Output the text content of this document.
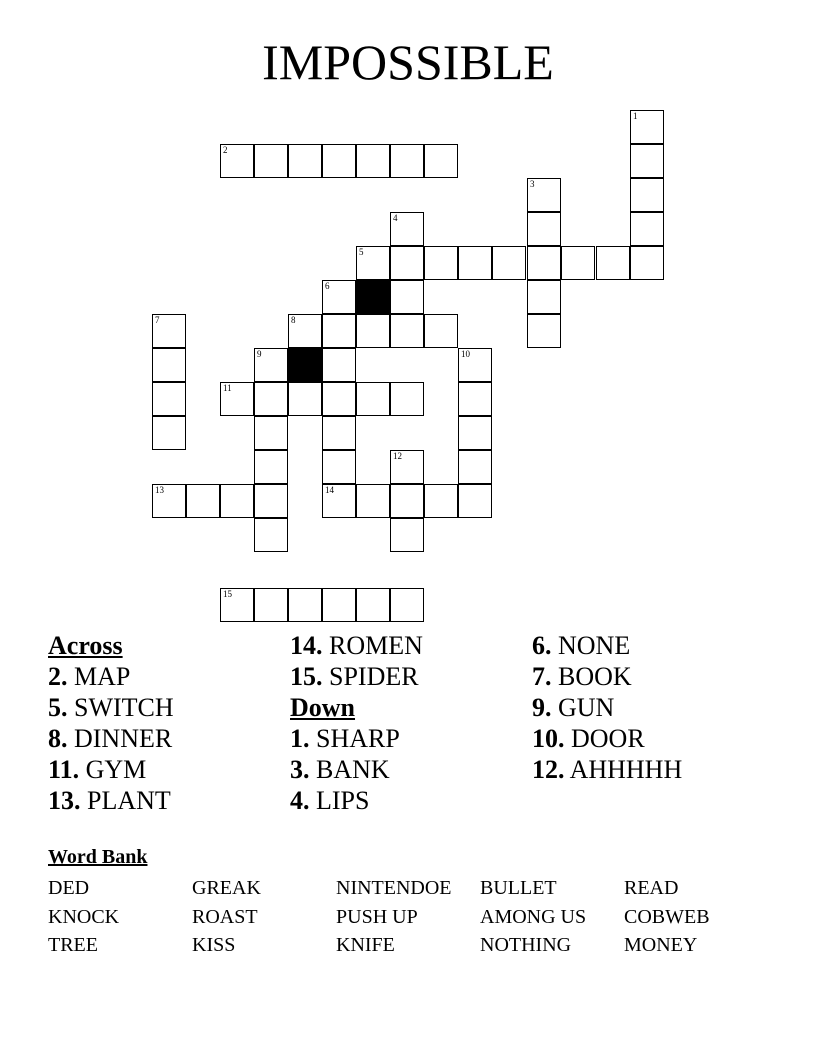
IMPOSSIBLE
1
2
3
4
5
6
7	8
9	10
11
12
13	14
15
Across
2. MAP
5. SWITCH
8. DINNER
11. GYM
13. PLANT
14. ROMEN
15. SPIDER
Down
1. SHARP
3. BANK
4. LIPS
6. NONE
7. BOOK
9. GUN
10. DOOR
12. AHHHHH
Word Bank
DED	GREAK	NINTENDOE	BULLET	READ
KNOCK	ROAST	PUSH UP	AMONG US	COBWEB
TREE	KISS	KNIFE	NOTHING	MONEY
